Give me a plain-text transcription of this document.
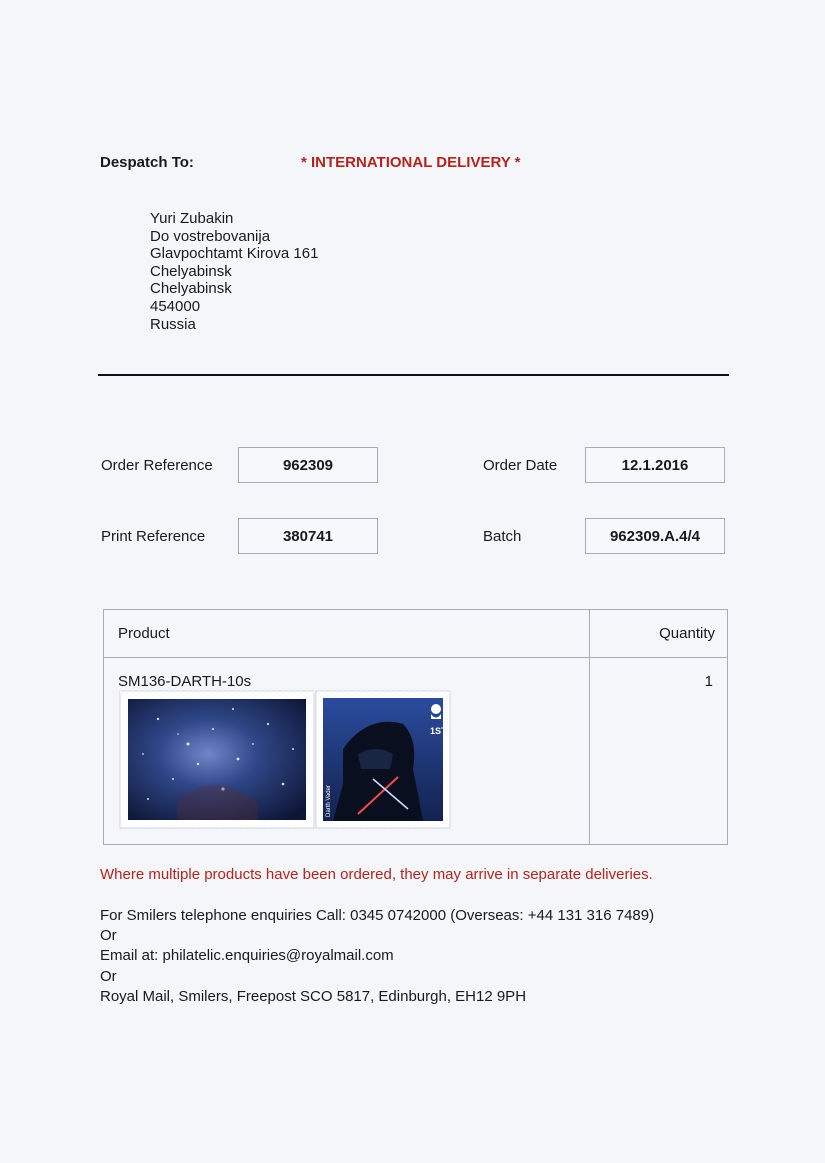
Despatch To:	* INTERNATIONAL DELIVERY *
Yuri Zubakin
Do vostrebovanija
Glavpochtamt Kirova 161
Chelyabinsk
Chelyabinsk
454000
Russia
Order Reference	962309	Order Date	12.1.2016
Print Reference	380741	Batch	962309.A.4/4
Product	Quantity
SM136-DARTH-10s	1
1ST
Darth Vader
Where multiple products have been ordered, they may arrive in separate deliveries.
For Smilers telephone enquiries Call: 0345 0742000 (Overseas: +44 131 316 7489)
Or
Email at: philatelic.enquiries@royalmail.com
Or
Royal Mail, Smilers, Freepost SCO 5817, Edinburgh, EH12 9PH
